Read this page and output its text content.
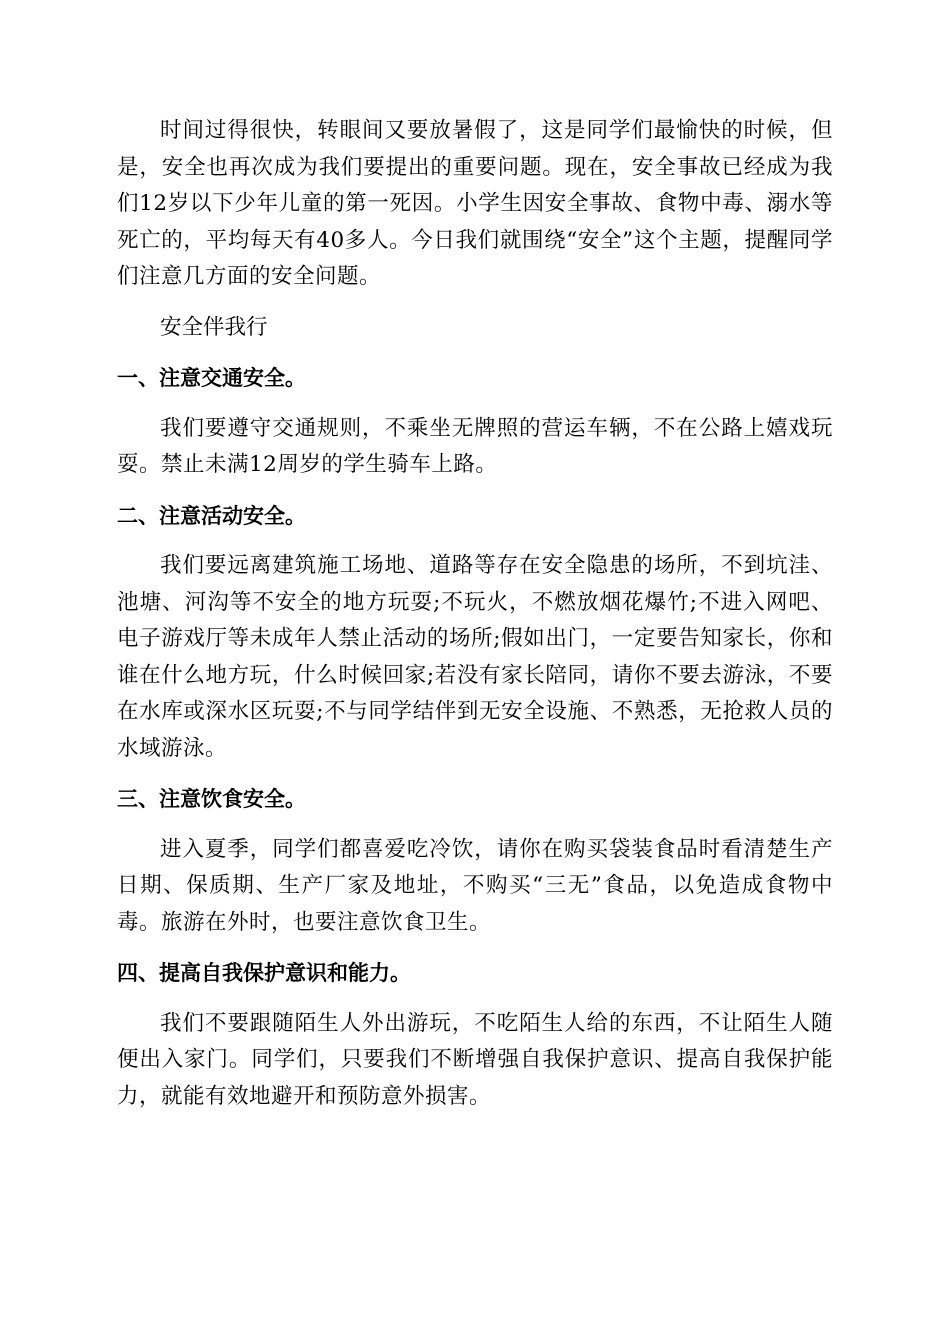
时间过得很快，转眼间又要放暑假了，这是同学们最愉快的时候，但是，安全也再次成为我们要提出的重要问题。现在，安全事故已经成为我们12岁以下少年儿童的第一死因。小学生因安全事故、食物中毒、溺水等死亡的，平均每天有40多人。今日我们就围绕“安全”这个主题，提醒同学们注意几方面的安全问题。

安全伴我行

一、注意交通安全。

我们要遵守交通规则，不乘坐无牌照的营运车辆，不在公路上嬉戏玩耍。禁止未满12周岁的学生骑车上路。

二、注意活动安全。

我们要远离建筑施工场地、道路等存在安全隐患的场所，不到坑洼、池塘、河沟等不安全的地方玩耍;不玩火，不燃放烟花爆竹;不进入网吧、电子游戏厅等未成年人禁止活动的场所;假如出门，一定要告知家长，你和谁在什么地方玩，什么时候回家;若没有家长陪同，请你不要去游泳，不要在水库或深水区玩耍;不与同学结伴到无安全设施、不熟悉，无抢救人员的水域游泳。

三、注意饮食安全。

进入夏季，同学们都喜爱吃冷饮，请你在购买袋装食品时看清楚生产日期、保质期、生产厂家及地址，不购买“三无”食品，以免造成食物中毒。旅游在外时，也要注意饮食卫生。

四、提高自我保护意识和能力。

我们不要跟随陌生人外出游玩，不吃陌生人给的东西，不让陌生人随便出入家门。同学们，只要我们不断增强自我保护意识、提高自我保护能力，就能有效地避开和预防意外损害。
